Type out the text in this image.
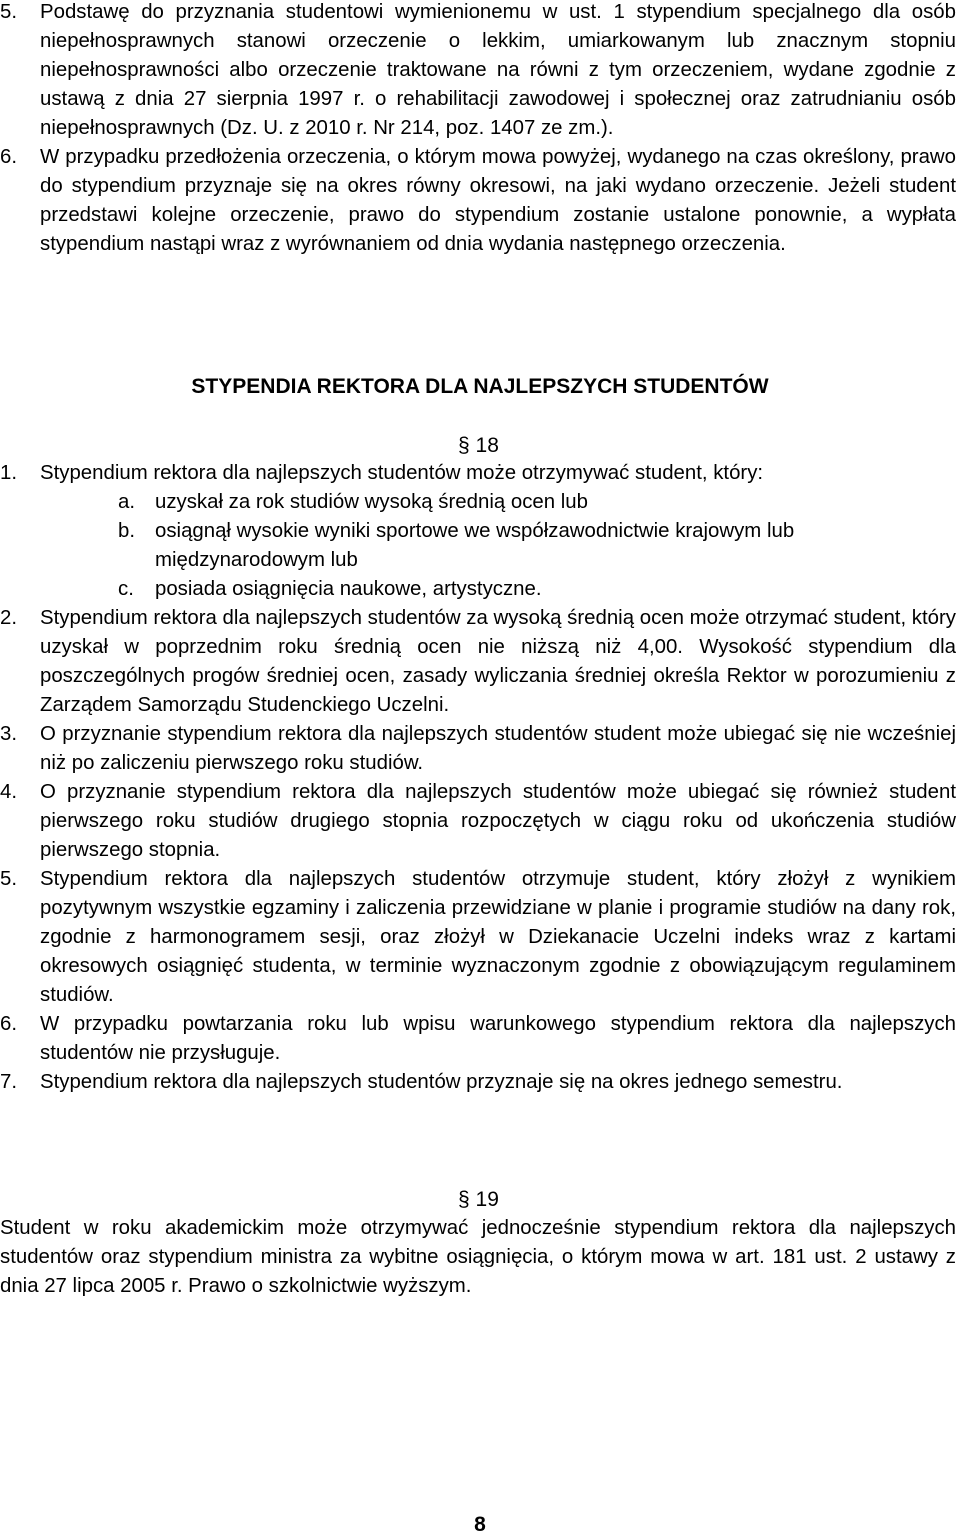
5. Podstawę do przyznania studentowi wymienionemu w ust. 1 stypendium specjalnego dla osób niepełnosprawnych stanowi orzeczenie o lekkim, umiarkowanym lub znacznym stopniu niepełnosprawności albo orzeczenie traktowane na równi z tym orzeczeniem, wydane zgodnie z ustawą z dnia 27 sierpnia 1997 r. o rehabilitacji zawodowej i społecznej oraz zatrudnianiu osób niepełnosprawnych (Dz. U. z 2010 r. Nr 214, poz. 1407 ze zm.).

6. W przypadku przedłożenia orzeczenia, o którym mowa powyżej, wydanego na czas określony, prawo do stypendium przyznaje się na okres równy okresowi, na jaki wydano orzeczenie. Jeżeli student przedstawi kolejne orzeczenie, prawo do stypendium zostanie ustalone ponownie, a wypłata stypendium nastąpi wraz z wyrównaniem od dnia wydania następnego orzeczenia.

STYPENDIA REKTORA DLA NAJLEPSZYCH STUDENTÓW
§ 18
1. Stypendium rektora dla najlepszych studentów może otrzymywać student, który:

a. uzyskał za rok studiów wysoką średnią ocen lub
b. osiągnął wysokie wyniki sportowe we współzawodnictwie krajowym lub międzynarodowym lub
c. posiada osiągnięcia naukowe, artystyczne.
2. Stypendium rektora dla najlepszych studentów za wysoką średnią ocen może otrzymać student, który uzyskał w poprzednim roku średnią ocen nie niższą niż 4,00. Wysokość stypendium dla poszczególnych progów średniej ocen, zasady wyliczania średniej określa Rektor w porozumieniu z Zarządem Samorządu Studenckiego Uczelni.

3. O przyznanie stypendium rektora dla najlepszych studentów student może ubiegać się nie wcześniej niż po zaliczeniu pierwszego roku studiów.

4. O przyznanie stypendium rektora dla najlepszych studentów może ubiegać się również student pierwszego roku studiów drugiego stopnia rozpoczętych w ciągu roku od ukończenia studiów pierwszego stopnia.

5. Stypendium rektora dla najlepszych studentów otrzymuje student, który złożył z wynikiem pozytywnym wszystkie egzaminy i zaliczenia przewidziane w planie i programie studiów na dany rok, zgodnie z harmonogramem sesji, oraz złożył w Dziekanacie Uczelni indeks wraz z kartami okresowych osiągnięć studenta, w terminie wyznaczonym zgodnie z obowiązującym regulaminem studiów.

6. W przypadku powtarzania roku lub wpisu warunkowego stypendium rektora dla najlepszych studentów nie przysługuje.

7. Stypendium rektora dla najlepszych studentów przyznaje się na okres jednego semestru.

§ 19

Student w roku akademickim może otrzymywać jednocześnie stypendium rektora dla najlepszych studentów oraz stypendium ministra za wybitne osiągnięcia, o którym mowa w art. 181 ust. 2 ustawy z dnia 27 lipca 2005 r. Prawo o szkolnictwie wyższym.

8
